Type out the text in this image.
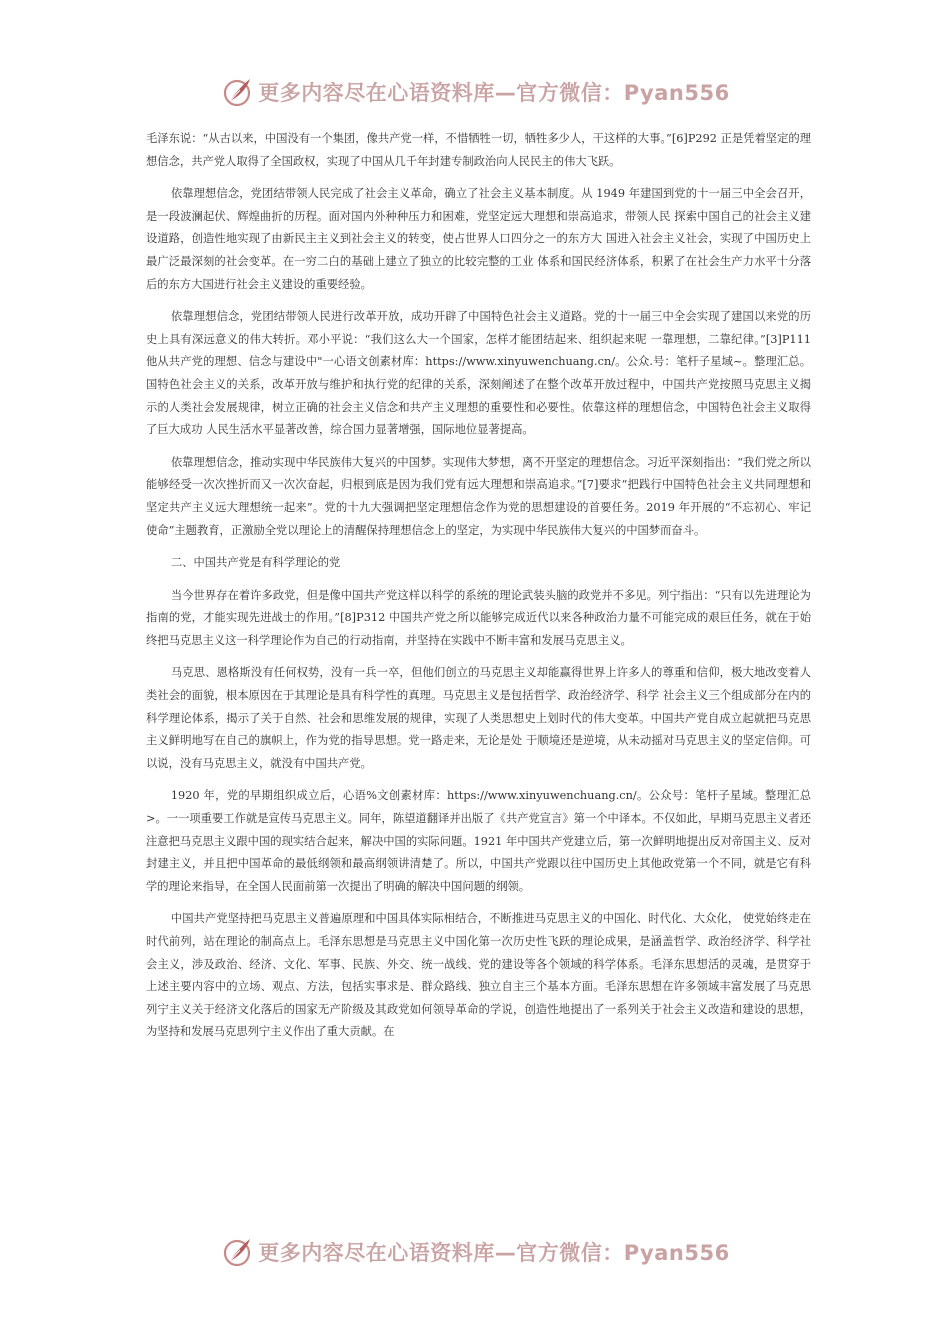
更多内容尽在心语资料库—官方微信：Pyan556

毛泽东说：“从古以来，中国没有一个集团，像共产党一样，不惜牺牲一切，牺牲多少人，干这样的大事。”[6]P292 正是凭着坚定的理想信念，共产党人取得了全国政权，实现了中国从几千年封建专制政治向人民民主的伟大飞跃。

依靠理想信念，党团结带领人民完成了社会主义革命，确立了社会主义基本制度。从 1949 年建国到党的十一届三中全会召开，是一段波澜起伏、辉煌曲折的历程。面对国内外种种压力和困难，党坚定远大理想和崇高追求，带领人民 探索中国自己的社会主义建设道路，创造性地实现了由新民主主义到社会主义的转变，使占世界人口四分之一的东方大 国进入社会主义社会，实现了中国历史上最广泛最深刻的社会变革。在一穷二白的基础上建立了独立的比较完整的工业 体系和国民经济体系，积累了在社会生产力水平十分落后的东方大国进行社会主义建设的重要经验。

依靠理想信念，党团结带领人民进行改革开放，成功开辟了中国特色社会主义道路。党的十一届三中全会实现了建国以来党的历史上具有深远意义的伟大转折。邓小平说：“我们这么大一个国家，怎样才能团结起来、组织起来呢 一靠理想，二靠纪律。”[3]P111 他从共产党的理想、信念与建设中"一心语文创素材库：https://www.xinyuwenchuang.cn/。公众.号：笔杆子星域~。整理汇总。国特色社会主义的关系，改革开放与维护和执行党的纪律的关系，深刻阐述了在整个改革开放过程中，中国共产党按照马克思主义揭示的人类社会发展规律，树立正确的社会主义信念和共产主义理想的重要性和必要性。依靠这样的理想信念，中国特色社会主义取得了巨大成功 人民生活水平显著改善，综合国力显著增强，国际地位显著提高。

依靠理想信念，推动实现中华民族伟大复兴的中国梦。实现伟大梦想，离不开坚定的理想信念。习近平深刻指出：“我们党之所以能够经受一次次挫折而又一次次奋起，归根到底是因为我们党有远大理想和崇高追求。”[7]要求“把践行中国特色社会主义共同理想和坚定共产主义远大理想统一起来”。党的十九大强调把坚定理想信念作为党的思想建设的首要任务。2019 年开展的“不忘初心、牢记使命”主题教育，正激励全党以理论上的清醒保持理想信念上的坚定，为实现中华民族伟大复兴的中国梦而奋斗。

二、中国共产党是有科学理论的党

当今世界存在着许多政党，但是像中国共产党这样以科学的系统的理论武装头脑的政党并不多见。列宁指出：“只有以先进理论为指南的党，才能实现先进战士的作用。”[8]P312 中国共产党之所以能够完成近代以来各种政治力量不可能完成的艰巨任务，就在于始终把马克思主义这一科学理论作为自己的行动指南，并坚持在实践中不断丰富和发展马克思主义。

马克思、恩格斯没有任何权势，没有一兵一卒，但他们创立的马克思主义却能赢得世界上许多人的尊重和信仰，极大地改变着人类社会的面貌，根本原因在于其理论是具有科学性的真理。马克思主义是包括哲学、政治经济学、科学 社会主义三个组成部分在内的科学理论体系，揭示了关于自然、社会和思维发展的规律，实现了人类思想史上划时代的伟大变革。中国共产党自成立起就把马克思主义鲜明地写在自己的旗帜上，作为党的指导思想。党一路走来，无论是处 于顺境还是逆境，从未动摇对马克思主义的坚定信仰。可以说，没有马克思主义，就没有中国共产党。

1920 年，党的早期组织成立后，心语%文创素材库：https://www.xinyuwenchuang.cn/。公众号：笔杆子星域。整理汇总>。一一项重要工作就是宣传马克思主义。同年，陈望道翻译并出版了《共产党宣言》第一个中译本。不仅如此，早期马克思主义者还注意把马克思主义跟中国的现实结合起来，解决中国的实际问题。1921 年中国共产党建立后，第一次鲜明地提出反对帝国主义、反对封建主义，并且把中国革命的最低纲领和最高纲领讲清楚了。所以，中国共产党跟以往中国历史上其他政党第一个不同，就是它有科学的理论来指导，在全国人民面前第一次提出了明确的解决中国问题的纲领。

中国共产党坚持把马克思主义普遍原理和中国具体实际相结合，不断推进马克思主义的中国化、时代化、大众化， 使党始终走在时代前列，站在理论的制高点上。毛泽东思想是马克思主义中国化第一次历史性飞跃的理论成果，是涵盖哲学、政治经济学、科学社会主义，涉及政治、经济、文化、军事、民族、外交、统一战线、党的建设等各个领域的科学体系。毛泽东思想活的灵魂，是贯穿于上述主要内容中的立场、观点、方法，包括实事求是、群众路线、独立自主三个基本方面。毛泽东思想在许多领域丰富发展了马克思列宁主义关于经济文化落后的国家无产阶级及其政党如何领导革命的学说，创造性地提出了一系列关于社会主义改造和建设的思想，为坚持和发展马克思列宁主义作出了重大贡献。在

更多内容尽在心语资料库—官方微信：Pyan556
